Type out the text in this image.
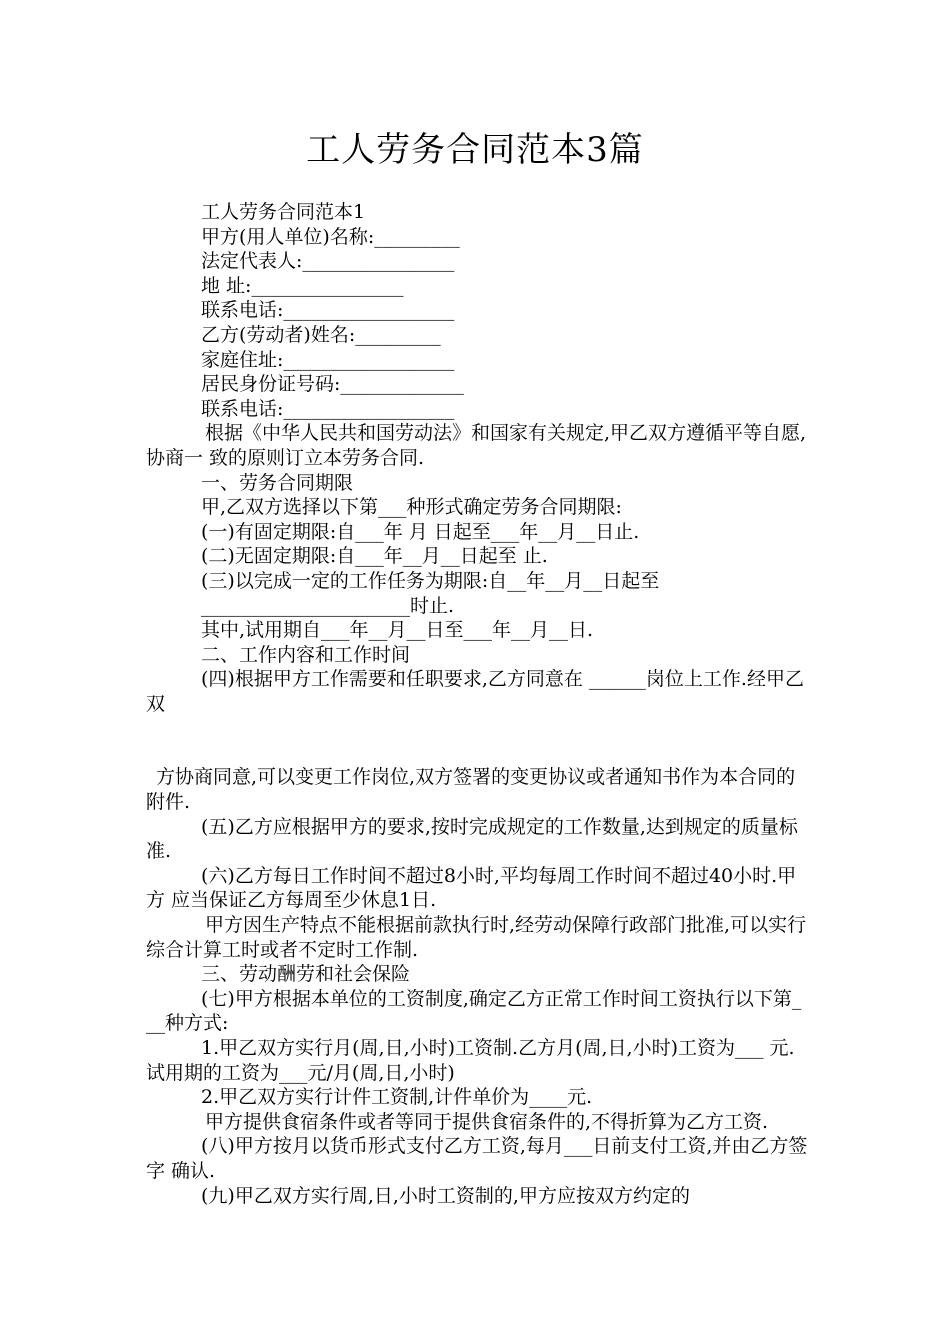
工人劳务合同范本3篇

工人劳务合同范本1

甲方(用人单位)名称:_________

法定代表人:________________

地 址:________________

联系电话:__________________

乙方(劳动者)姓名:_________

家庭住址:__________________

居民身份证号码:_____________

联系电话:__________________

根据《中华人民共和国劳动法》和国家有关规定,甲乙双方遵循平等自愿,协商一 致的原则订立本劳务合同.

一、劳务合同期限

甲,乙双方选择以下第___种形式确定劳务合同期限:

(一)有固定期限:自___年 月 日起至___年__月__日止.

(二)无固定期限:自___年__月__日起至 止.

(三)以完成一定的工作任务为期限:自__年__月__日起至

______________________时止.

其中,试用期自___年__月__日至___年__月__日.

二、工作内容和工作时间

(四)根据甲方工作需要和任职要求,乙方同意在 ______岗位上工作.经甲乙双

方协商同意,可以变更工作岗位,双方签署的变更协议或者通知书作为本合同的附件.

(五)乙方应根据甲方的要求,按时完成规定的工作数量,达到规定的质量标准.

(六)乙方每日工作时间不超过8小时,平均每周工作时间不超过40小时.甲方 应当保证乙方每周至少休息1日.

甲方因生产特点不能根据前款执行时,经劳动保障行政部门批准,可以实行综合计算工时或者不定时工作制.

三、劳动酬劳和社会保险

(七)甲方根据本单位的工资制度,确定乙方正常工作时间工资执行以下第___种方式:

1.甲乙双方实行月(周,日,小时)工资制.乙方月(周,日,小时)工资为___ 元.试用期的工资为___元/月(周,日,小时)

2.甲乙双方实行计件工资制,计件单价为____元.

甲方提供食宿条件或者等同于提供食宿条件的,不得折算为乙方工资.

(八)甲方按月以货币形式支付乙方工资,每月___日前支付工资,并由乙方签字 确认.

(九)甲乙双方实行周,日,小时工资制的,甲方应按双方约定的
